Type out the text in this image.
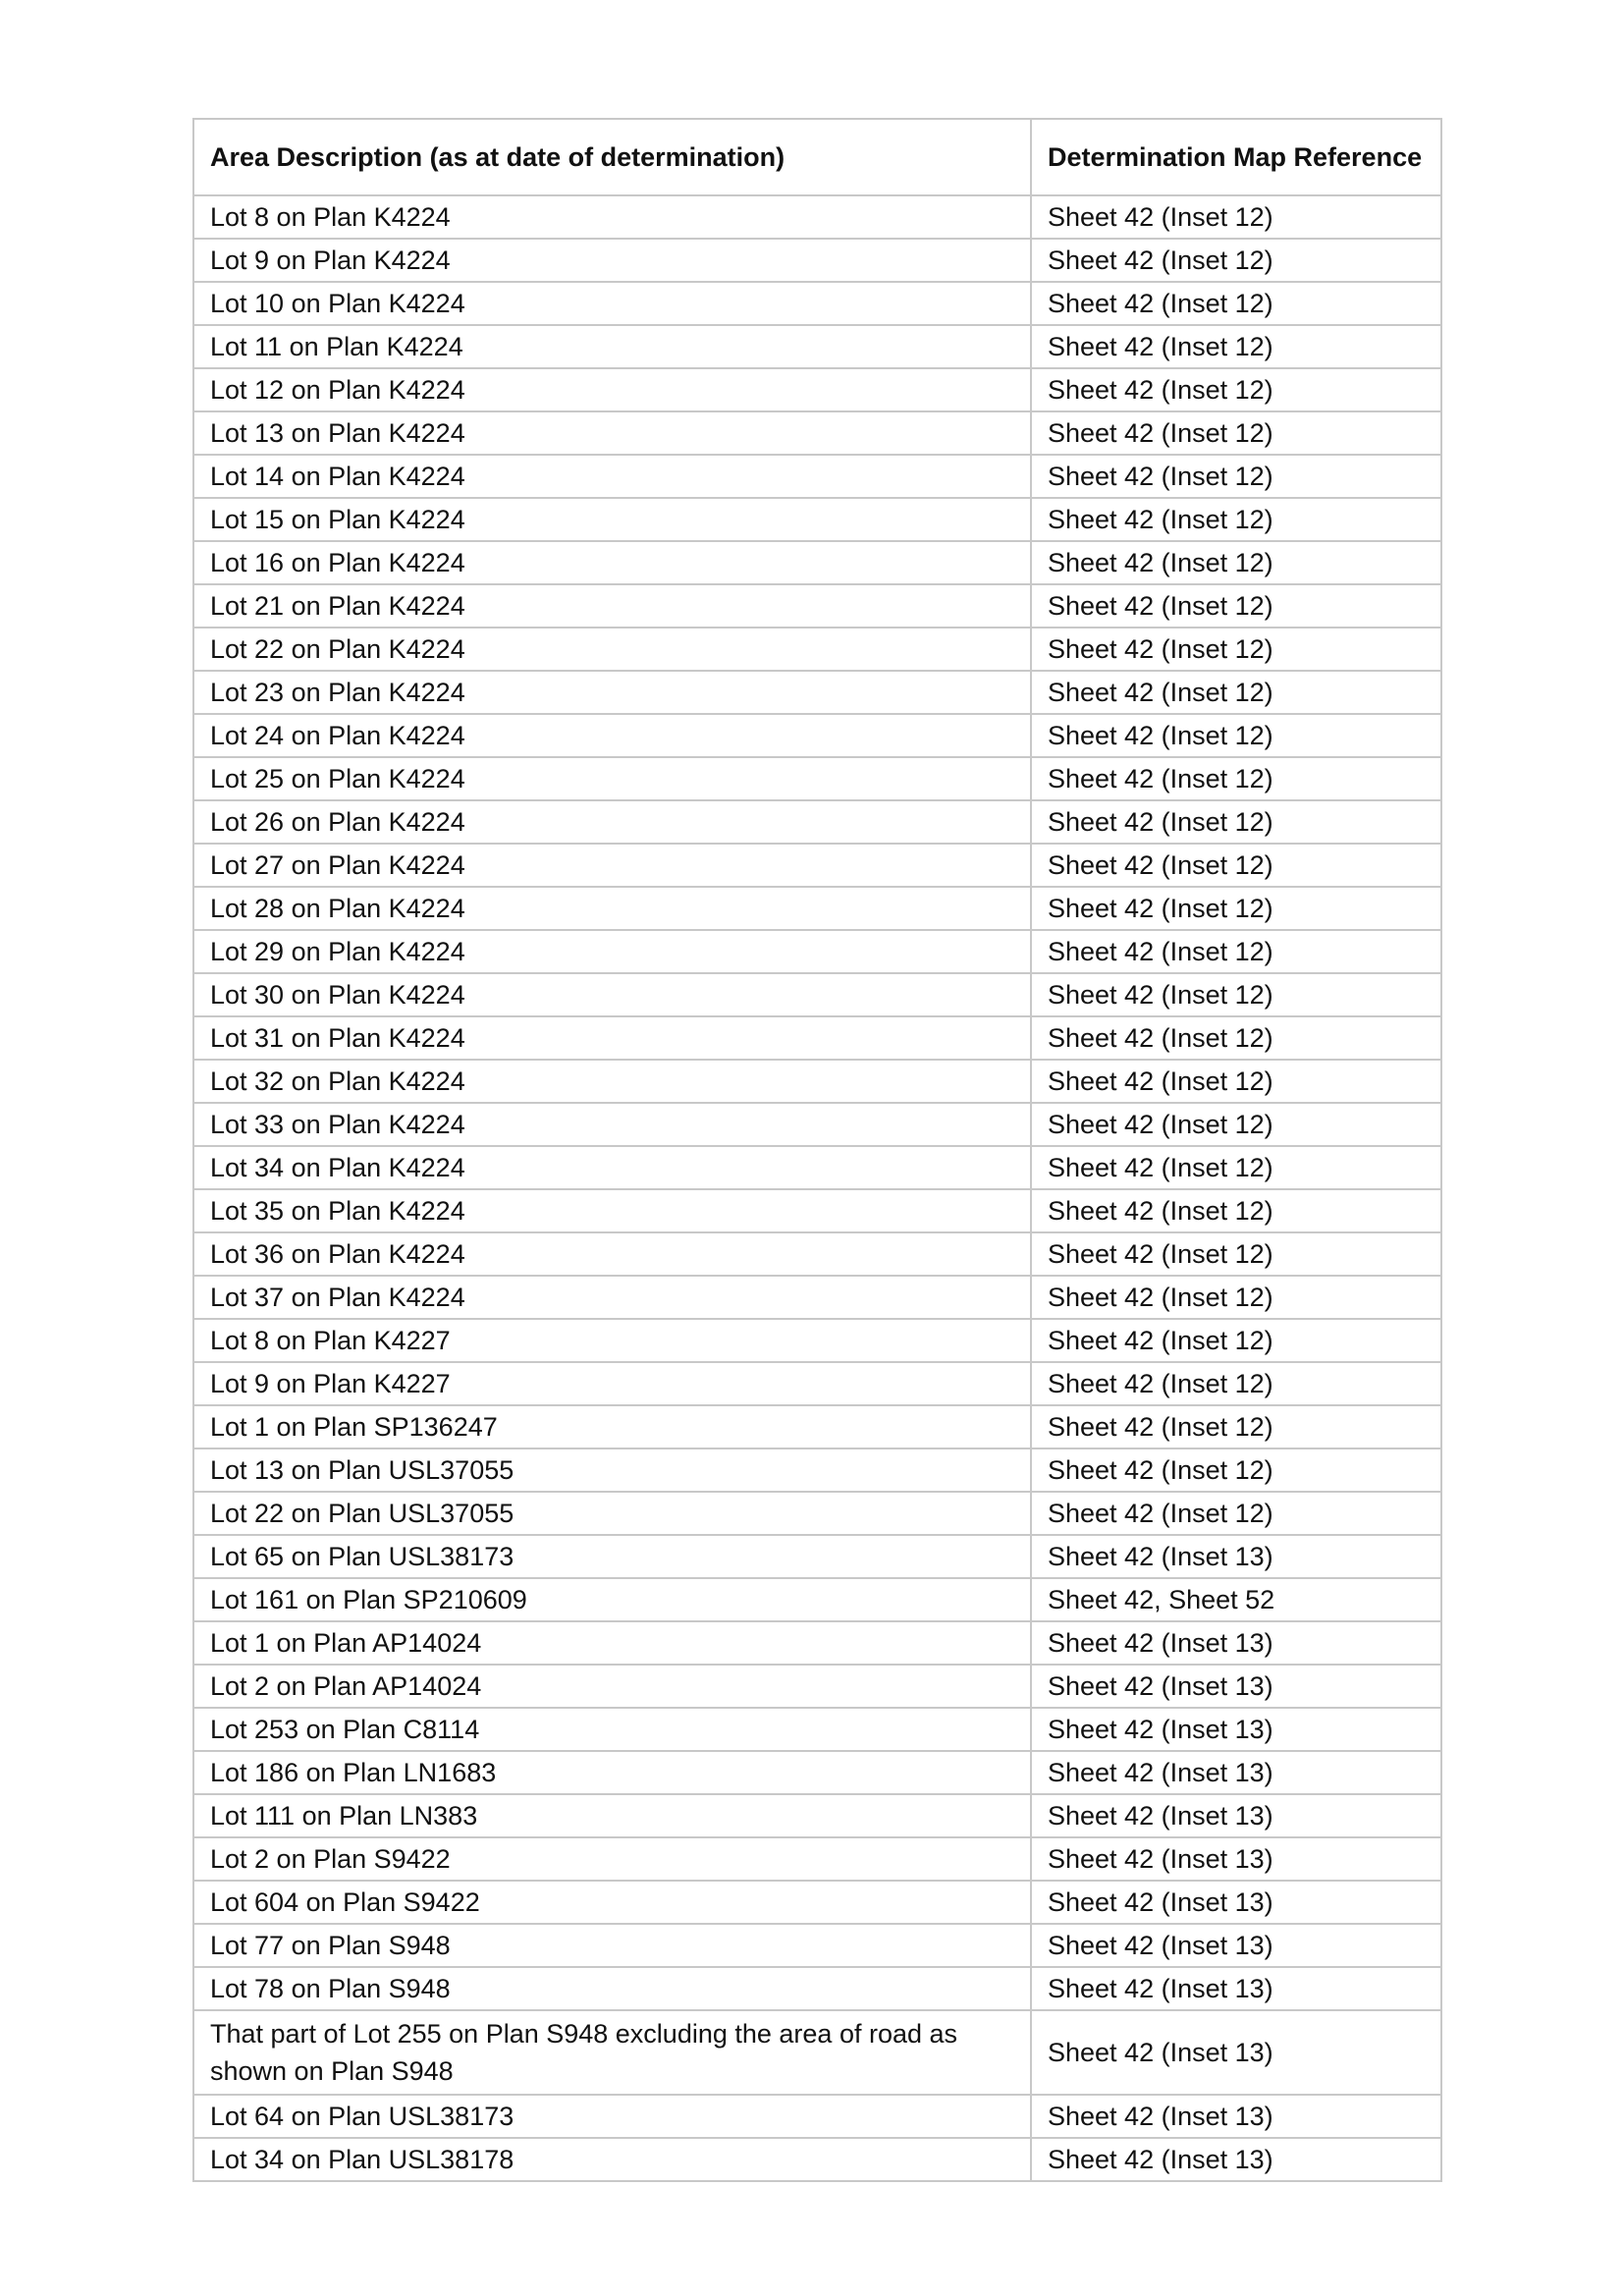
Area Description (as at date of determination)	Determination Map Reference
Lot 8 on Plan K4224	Sheet 42 (Inset 12)
Lot 9 on Plan K4224	Sheet 42 (Inset 12)
Lot 10 on Plan K4224	Sheet 42 (Inset 12)
Lot 11 on Plan K4224	Sheet 42 (Inset 12)
Lot 12 on Plan K4224	Sheet 42 (Inset 12)
Lot 13 on Plan K4224	Sheet 42 (Inset 12)
Lot 14 on Plan K4224	Sheet 42 (Inset 12)
Lot 15 on Plan K4224	Sheet 42 (Inset 12)
Lot 16 on Plan K4224	Sheet 42 (Inset 12)
Lot 21 on Plan K4224	Sheet 42 (Inset 12)
Lot 22 on Plan K4224	Sheet 42 (Inset 12)
Lot 23 on Plan K4224	Sheet 42 (Inset 12)
Lot 24 on Plan K4224	Sheet 42 (Inset 12)
Lot 25 on Plan K4224	Sheet 42 (Inset 12)
Lot 26 on Plan K4224	Sheet 42 (Inset 12)
Lot 27 on Plan K4224	Sheet 42 (Inset 12)
Lot 28 on Plan K4224	Sheet 42 (Inset 12)
Lot 29 on Plan K4224	Sheet 42 (Inset 12)
Lot 30 on Plan K4224	Sheet 42 (Inset 12)
Lot 31 on Plan K4224	Sheet 42 (Inset 12)
Lot 32 on Plan K4224	Sheet 42 (Inset 12)
Lot 33 on Plan K4224	Sheet 42 (Inset 12)
Lot 34 on Plan K4224	Sheet 42 (Inset 12)
Lot 35 on Plan K4224	Sheet 42 (Inset 12)
Lot 36 on Plan K4224	Sheet 42 (Inset 12)
Lot 37 on Plan K4224	Sheet 42 (Inset 12)
Lot 8 on Plan K4227	Sheet 42 (Inset 12)
Lot 9 on Plan K4227	Sheet 42 (Inset 12)
Lot 1 on Plan SP136247	Sheet 42 (Inset 12)
Lot 13 on Plan USL37055	Sheet 42 (Inset 12)
Lot 22 on Plan USL37055	Sheet 42 (Inset 12)
Lot 65 on Plan USL38173	Sheet 42 (Inset 13)
Lot 161 on Plan SP210609	Sheet 42, Sheet 52
Lot 1 on Plan AP14024	Sheet 42 (Inset 13)
Lot 2 on Plan AP14024	Sheet 42 (Inset 13)
Lot 253 on Plan C8114	Sheet 42 (Inset 13)
Lot 186 on Plan LN1683	Sheet 42 (Inset 13)
Lot 111 on Plan LN383	Sheet 42 (Inset 13)
Lot 2 on Plan S9422	Sheet 42 (Inset 13)
Lot 604 on Plan S9422	Sheet 42 (Inset 13)
Lot 77 on Plan S948	Sheet 42 (Inset 13)
Lot 78 on Plan S948	Sheet 42 (Inset 13)
That part of Lot 255 on Plan S948 excluding the area of road as shown on Plan S948	Sheet 42 (Inset 13)
Lot 64 on Plan USL38173	Sheet 42 (Inset 13)
Lot 34 on Plan USL38178	Sheet 42 (Inset 13)
